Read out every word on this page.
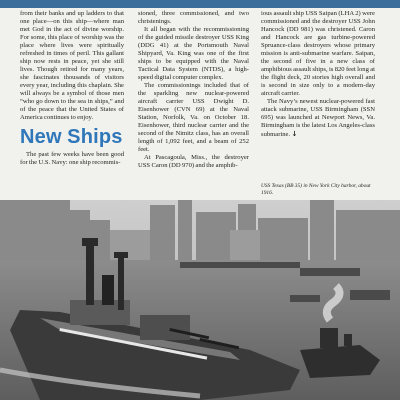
from their banks and up ladders to that one place—on this ship—where man met God in the act of divine worship. For some, this place of worship was the place where lives were spiritually refreshed in times of peril. This gallant ship now rests in peace, yet she still lives. Though retired for many years, she fascinates thousands of visitors every year, including this chaplain. She will always be a symbol of those men “who go down to the sea in ships,” and of the peace that the United States of America continues to enjoy.

New Ships

The past few weeks have been good for the U.S. Navy: one ship recommis-

sioned, three commissioned, and two christenings.

It all began with the recommissioning of the guided missile destroyer USS King (DDG 41) at the Portsmouth Naval Shipyard, Va. King was one of the first ships to be equipped with the Naval Tactical Data System (NTDS), a high-speed digital computer complex.

The commissionings included that of the sparkling new nuclear-powered aircraft carrier USS Dwight D. Eisenhower (CVN 69) at the Naval Station, Norfolk, Va. on October 18. Eisenhower, third nuclear carrier and the second of the Nimitz class, has an overall length of 1,092 feet, and a beam of 252 feet.

At Pascagoula, Miss., the destroyer USS Caron (DD 970) and the amphib-

ious assault ship USS Saipan (LHA 2) were commissioned and the destroyer USS John Hancock (DD 981) was christened. Caron and Hancock are gas turbine-powered Spruance-class destroyers whose primary mission is anti-submarine warfare. Saipan, the second of five in a new class of amphibious assault ships, is 820 feet long at the flight deck, 20 stories high overall and is second in size only to a modern-day aircraft carrier.

The Navy’s newest nuclear-powered fast attack submarine, USS Birmingham (SSN 695) was launched at Newport News, Va. Birmingham is the latest Los Angeles-class submarine. ↓

USS Texas (BB 35) in New York City harbor, about 1916.
